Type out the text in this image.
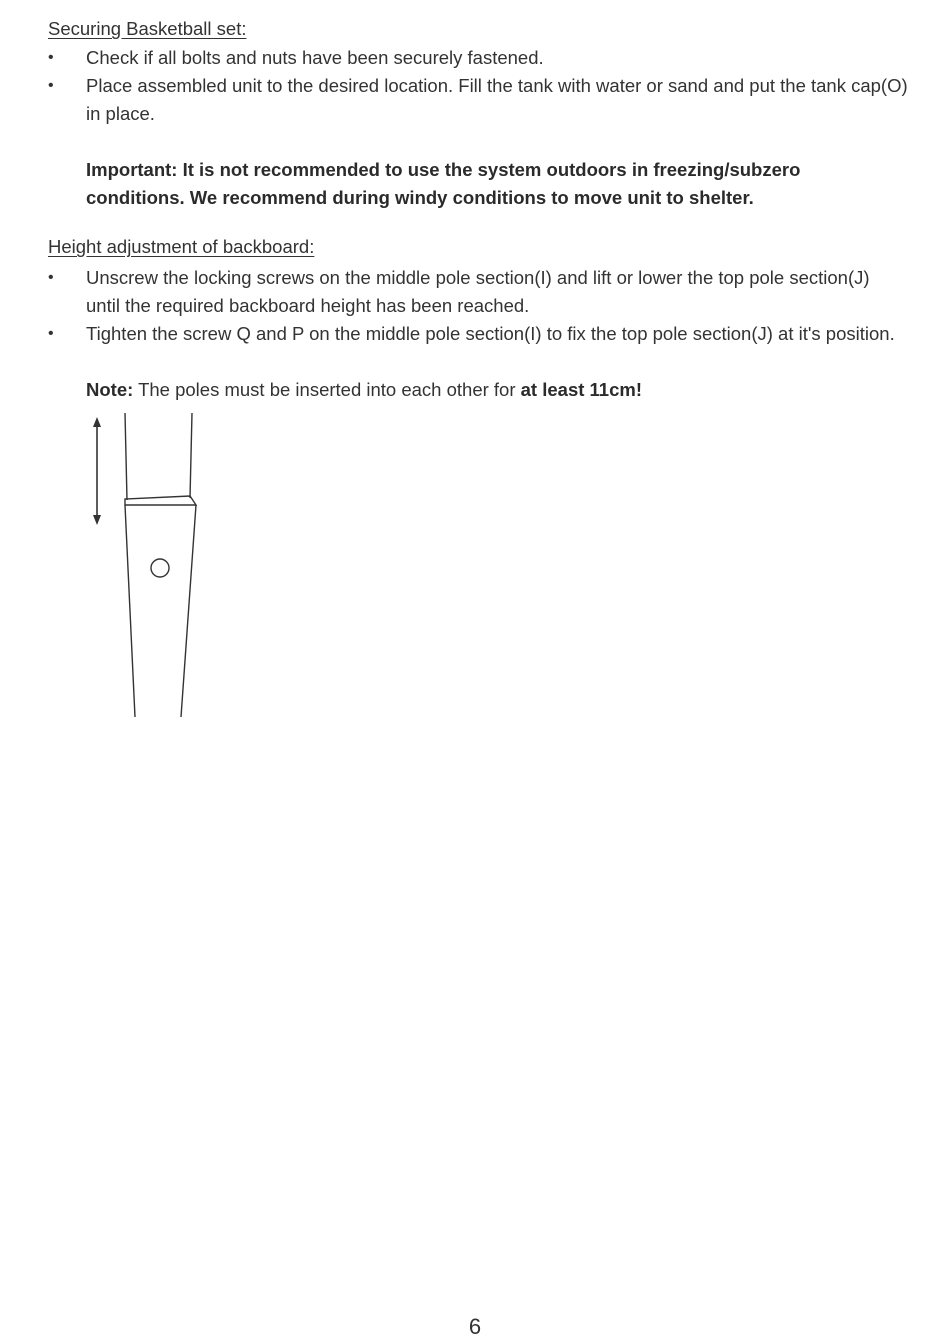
Securing Basketball set:
• Check if all bolts and nuts have been securely fastened.
• Place assembled unit to the desired location. Fill the tank with water or sand and put the tank cap(O) in place.

Important: It is not recommended to use the system outdoors in freezing/subzero conditions. We recommend during windy conditions to move unit to shelter.

Height adjustment of backboard:
• Unscrew the locking screws on the middle pole section(I) and lift or lower the top pole section(J) until the required backboard height has been reached.
• Tighten the screw Q and P on the middle pole section(I) to fix the top pole section(J) at it's position.

Note: The poles must be inserted into each other for at least 11cm!

6
